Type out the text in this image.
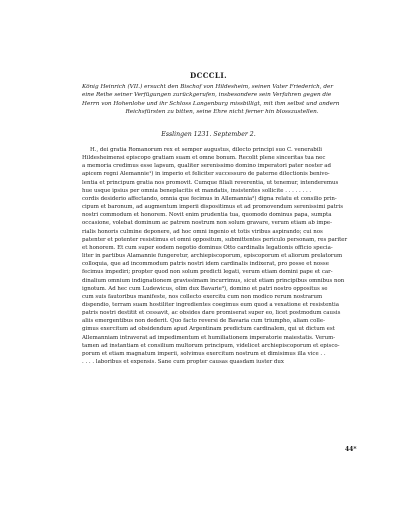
DCCCLI.
König Heinrich (VII.) ersucht den Bischof von Hildesheim, seinen Vater Friederich, der
eine Reihe seiner Verfügungen zurückgerufen, insbesondere sein Verfahren gegen die
Herrn von Hohenlohe und ihr Schloss Langenburg missbilligt, mit ihm selbst und andern
Reichsfürsten zu bitten, seine Ehre nicht ferner hin blosszustellen.
Esslingen 1231. September 2.
H., dei gratia Romanorum rex et semper augustus, dilecto principi suo C. venerabili
Hildesheimensi episcopo gratiam suam et omne bonum. Recolit plene sinceritas tua nec
a memoria credimus esse lapsum, qualiter serenissimo domino imperatori pater noster ad
apicem regni Alemannie¹) in imperio et feliciter successuro de paterne dilectionis benivo-
lentia et principum gratia nos promovit. Cumque filiali reverentia, ut tenemur, intenderemus
hue usque ipsius per omnia beneplacitis et mandatis, insistentes sollicite . . . . . . . .
cordis desiderio affectando, omnia que fecimus in Allemannia²) digna relatu et consilio prin-
cipum et baronum, ad augmentum imperii dispositimus et ad promovendum serenissimi patris
nostri commodum et honorem. Novit enim prudentia tua, quomodo dominus papa, sumpta
occasione, volebat dominum ac patrem nostrum non solum gravare, verum etiam ab impe-
rialis honoris culmine deponere, ad hoc omni ingenio et totis viribus aspirando; cui nos
patenter et potenter resistimus et omni oppositum, submittentes periculo personam, res pariter
et honorem. Et cum super eodem negotio dominus Otto cardinalis legationis officio specia-
liter in partibus Alamannie fungeretur, archiepiscoporum, episcoporum et aliorum prelatorum
colloquia, que ad incommodum patris nostri idem cardinalis indixerat, pro posse et nosse
fecimus impediri; propter quod non solum predicti legati, verum etiam domini pape et car-
dinalium omnium indignationem gravissimam incurrimus, sicut etiam principibus omnibus non
ignotum. Ad hec cum Ludewicus, olim dux Bavarie³), domino et patri nostro oppositus se
cum suis fautoribus manifeste, nos collecto exercitu cum non modico rerum nostrarum
dispendio, terram suam hostiliter ingredientes coegimus eum quod a vexatione et resistentia
patris nostri destitit et cessavit, ac obsides dare promiserat super eo, licet postmodum causis
aliis emergentibus non dederit. Quo facto reversi de Bavaria cum triumpho, aliam colle-
gimus exercitum ad obsidendum apud Argentinam predictum cardinalem, qui ut dictum est
Allemanniam intraverat ad impedimentum et humiliationem imperatorie maiestatis. Verum-
tamen ad instantiam et consilium multorum principum, videlicet archiepiscoporum et episco-
porum et etiam magnatum imperii, solvimus exercitum nostrum et dimisimus illa vice . .
. . . . laboribus et expensis. Sane cum propter causas quasdam iuster dux
44*
